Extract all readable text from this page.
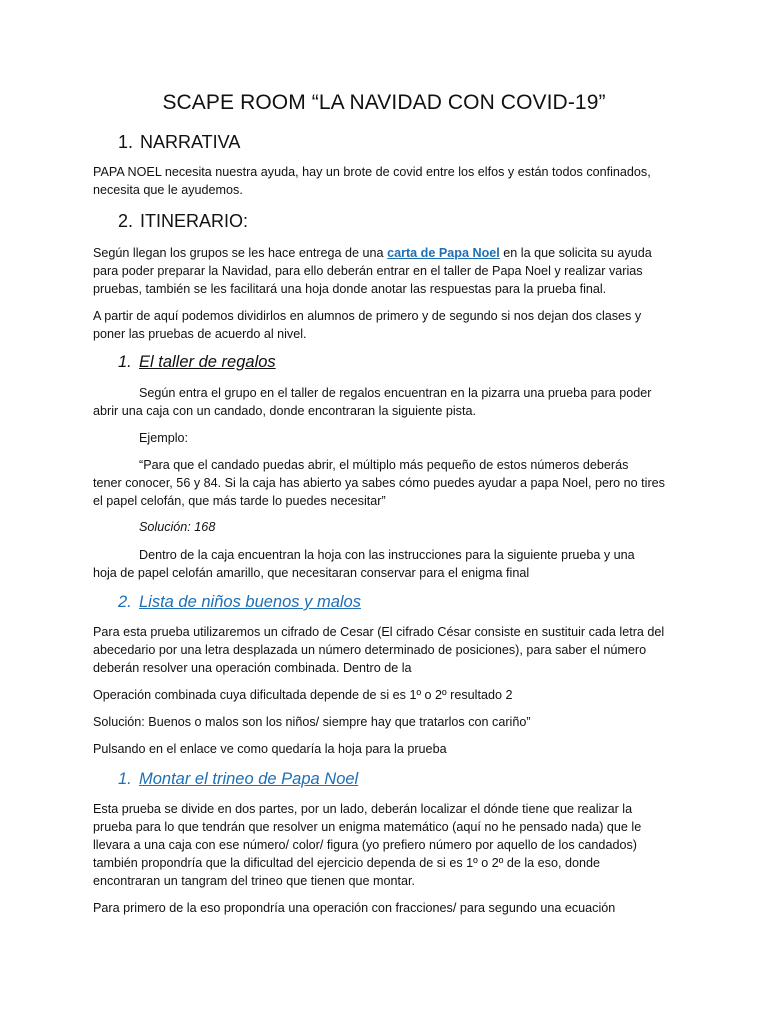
SCAPE ROOM “LA NAVIDAD CON COVID-19”
1. NARRATIVA
PAPA NOEL necesita nuestra ayuda, hay un brote de covid entre los elfos y están todos confinados,
necesita que le ayudemos.
2. ITINERARIO:
Según llegan los grupos se les hace entrega de una carta de Papa Noel en la que solicita su ayuda
para poder preparar la Navidad, para ello deberán entrar en el taller de Papa Noel y realizar varias
pruebas, también se les facilitará una hoja donde anotar las respuestas para la prueba final.
A partir de aquí podemos dividirlos en alumnos de primero y de segundo si nos dejan dos clases y
poner las pruebas de acuerdo al nivel.
1. El taller de regalos
Según entra el grupo en el taller de regalos encuentran en la pizarra una prueba para poder
abrir una caja con un candado, donde encontraran la siguiente pista.
Ejemplo:
“Para que el candado puedas abrir, el múltiplo más pequeño de estos números deberás
tener conocer, 56 y 84. Si la caja has abierto ya sabes cómo puedes ayudar a papa Noel, pero no tires
el papel celofán, que más tarde lo puedes necesitar”
Solución: 168
Dentro de la caja encuentran la hoja con las instrucciones para la siguiente prueba y una
hoja de papel celofán amarillo, que necesitaran conservar para el enigma final
2. Lista de niños buenos y malos
Para esta prueba utilizaremos un cifrado de Cesar (El cifrado César consiste en sustituir cada letra del
abecedario por una letra desplazada un número determinado de posiciones), para saber el número
deberán resolver una operación combinada. Dentro de la
Operación combinada cuya dificultada depende de si es 1º o 2º resultado 2
Solución: Buenos o malos son los niños/ siempre hay que tratarlos con cariño”
Pulsando en el enlace ve como quedaría la hoja para la prueba
1. Montar el trineo de Papa Noel
Esta prueba se divide en dos partes, por un lado, deberán localizar el dónde tiene que realizar la
prueba para lo que tendrán que resolver un enigma matemático (aquí no he pensado nada) que le
llevara a una caja con ese número/ color/ figura (yo prefiero número por aquello de los candados)
también propondría que la dificultad del ejercicio dependa de si es 1º o 2º de la eso, donde
encontraran un tangram del trineo que tienen que montar.
Para primero de la eso propondría una operación con fracciones/ para segundo una ecuación
